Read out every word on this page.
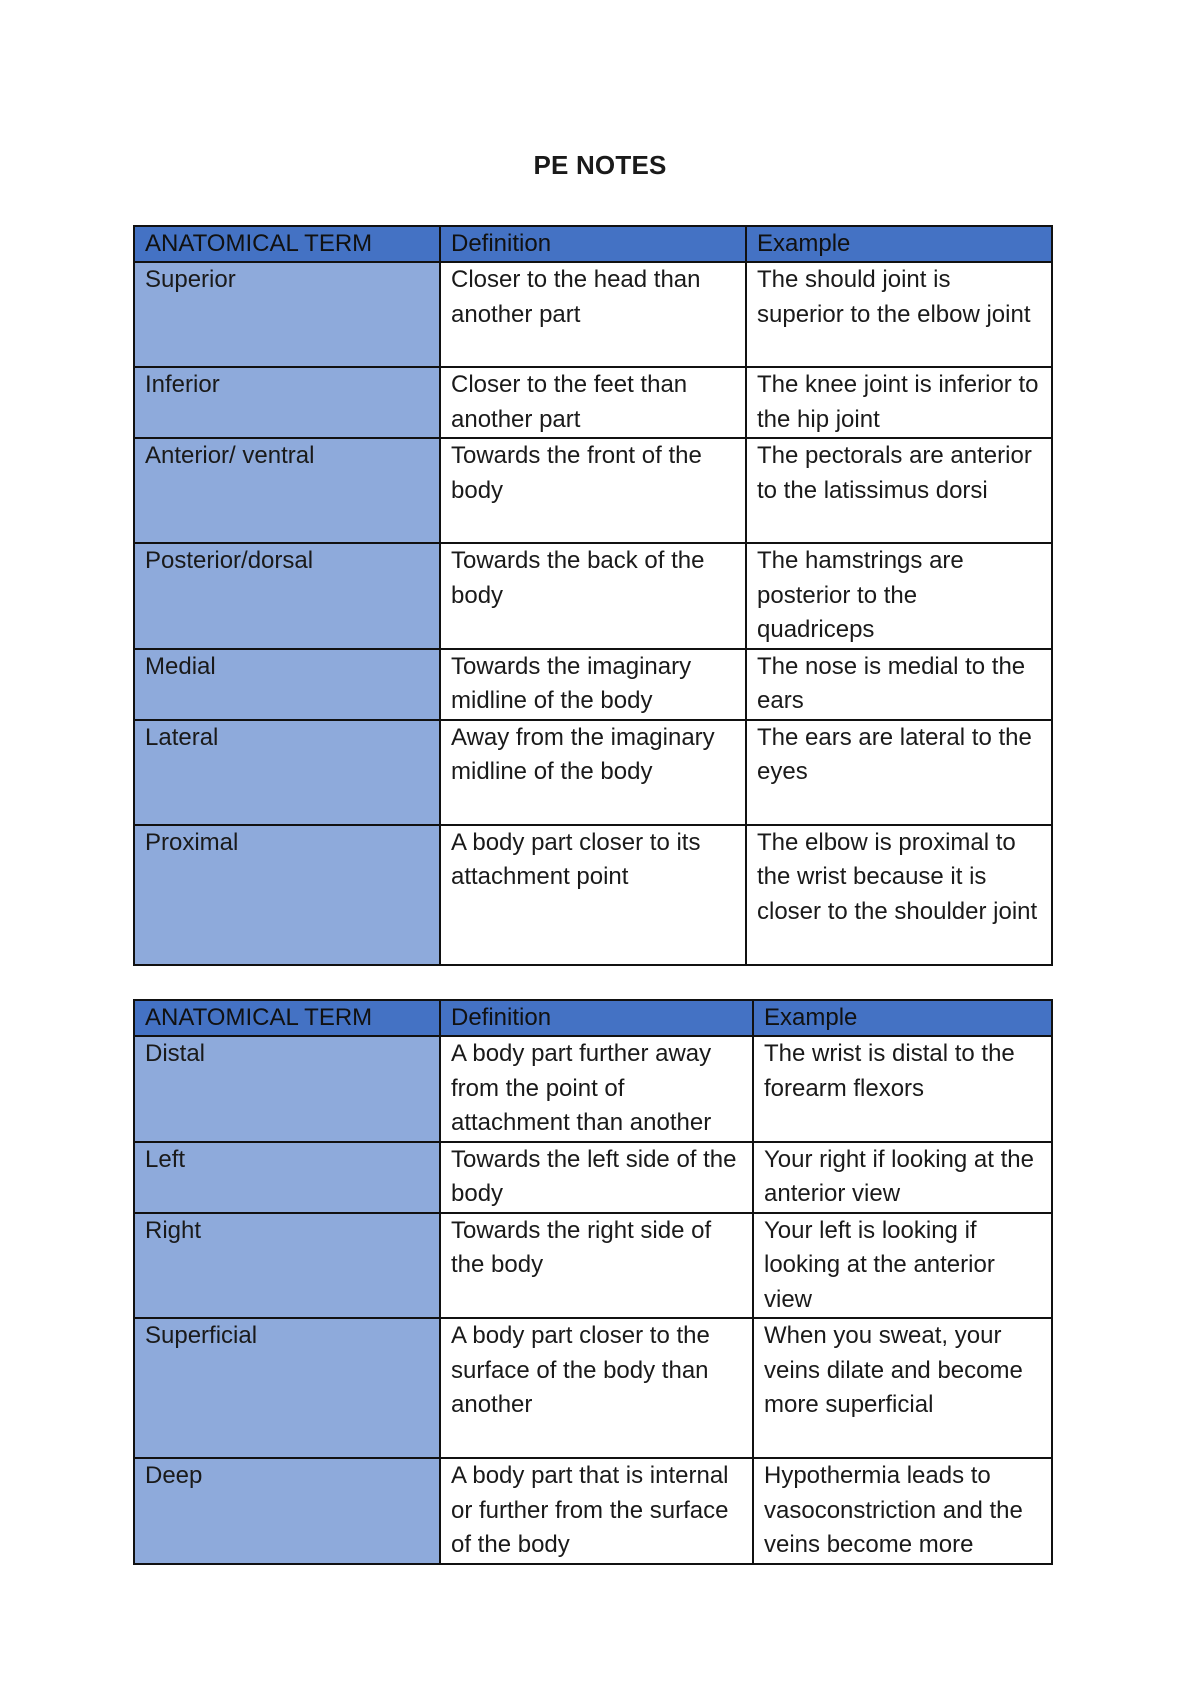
PE NOTES
ANATOMICAL TERM	Definition	Example
Superior	Closer to the head than another part	The should joint is superior to the elbow joint
Inferior	Closer to the feet than another part	The knee joint is inferior to the hip joint
Anterior/ ventral	Towards the front of the body	The pectorals are anterior to the latissimus dorsi
Posterior/dorsal	Towards the back of the body	The hamstrings are posterior to the quadriceps
Medial	Towards the imaginary midline of the body	The nose is medial to the ears
Lateral	Away from the imaginary midline of the body	The ears are lateral to the eyes
Proximal	A body part closer to its attachment point	The elbow is proximal to the wrist because it is closer to the shoulder joint
ANATOMICAL TERM	Definition	Example
Distal	A body part further away from the point of attachment than another	The wrist is distal to the forearm flexors
Left	Towards the left side of the body	Your right if looking at the anterior view
Right	Towards the right side of the body	Your left is looking if looking at the anterior view
Superficial	A body part closer to the surface of the body than another	When you sweat, your veins dilate and become more superficial
Deep	A body part that is internal or further from the surface of the body	Hypothermia leads to vasoconstriction and the veins become more
